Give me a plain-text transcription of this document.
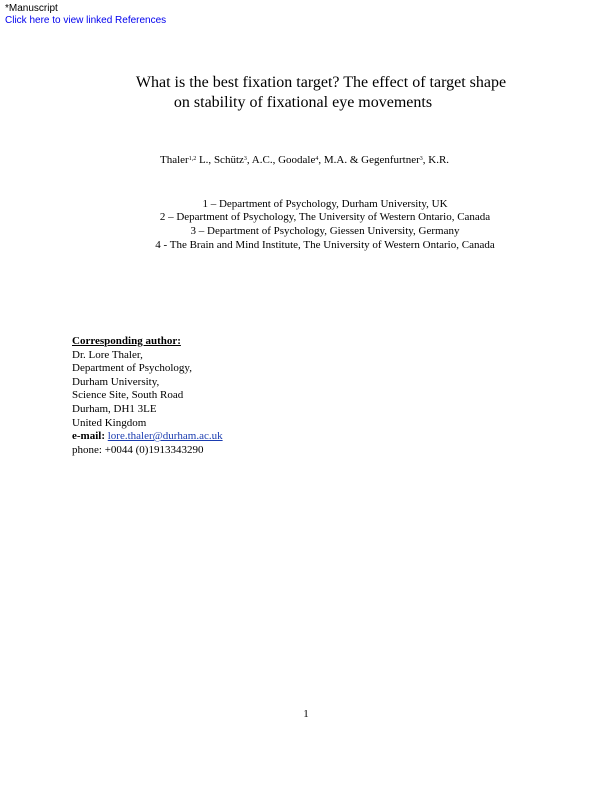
*Manuscript
Click here to view linked References
What is the best fixation target? The effect of target shape
on stability of fixational eye movements
Thaler$^{1,2}$ L., Schütz$^3$, A.C., Goodale$^4$, M.A. & Gegenfurtner$^3$, K.R.
1 – Department of Psychology, Durham University, UK
2 – Department of Psychology, The University of Western Ontario, Canada
3 – Department of Psychology, Giessen University, Germany
4 - The Brain and Mind Institute, The University of Western Ontario, Canada
Corresponding author:
Dr. Lore Thaler,
Department of Psychology,
Durham University,
Science Site, South Road
Durham, DH1 3LE
United Kingdom
e-mail: lore.thaler@durham.ac.uk
phone: +0044 (0)1913343290
1
